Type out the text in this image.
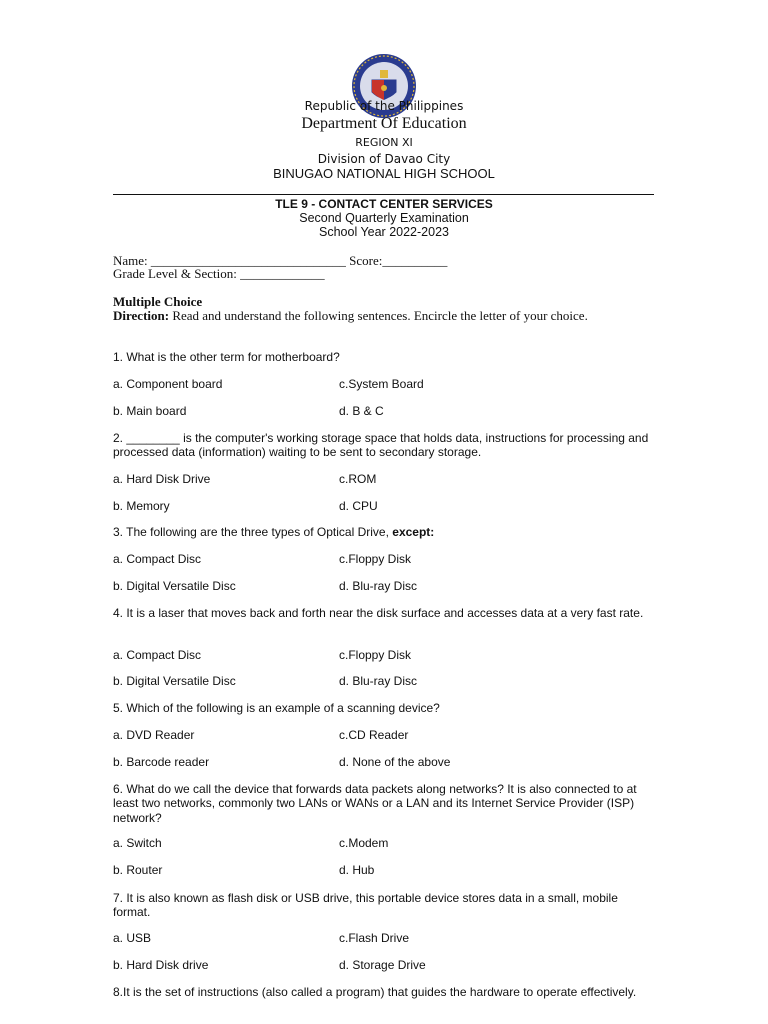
Republic of the Philippines
Department Of Education
REGION XI
Division of Davao City
BINUGAO NATIONAL HIGH SCHOOL
TLE 9 - CONTACT CENTER SERVICES
Second Quarterly Examination
School Year 2022-2023
Name: ______________________________ Score:__________
Grade Level & Section: _____________
Multiple Choice
Direction: Read and understand the following sentences. Encircle the letter of your choice.
1. What is the other term for motherboard?
a. Component board	c.System Board
b. Main board	d. B & C
2. ________ is the computer's working storage space that holds data, instructions for processing and processed data (information) waiting to be sent to secondary storage.
a. Hard Disk Drive	c.ROM
b. Memory	d. CPU
3. The following are the three types of Optical Drive, except:
a. Compact Disc	c.Floppy Disk
b. Digital Versatile Disc	d. Blu-ray Disc
4. It is a laser that moves back and forth near the disk surface and accesses data at a very fast rate.
a. Compact Disc	c.Floppy Disk
b. Digital Versatile Disc	d. Blu-ray Disc
5. Which of the following is an example of a scanning device?
a. DVD Reader	c.CD Reader
b. Barcode reader	d. None of the above
6. What do we call the device that forwards data packets along networks? It is also connected to at least two networks, commonly two LANs or WANs or a LAN and its Internet Service Provider (ISP) network?
a. Switch	c.Modem
b. Router	d. Hub
7. It is also known as flash disk or USB drive, this portable device stores data in a small, mobile format.
a. USB	c.Flash Drive
b. Hard Disk drive	d. Storage Drive
8.It is the set of instructions (also called a program) that guides the hardware to operate effectively.
